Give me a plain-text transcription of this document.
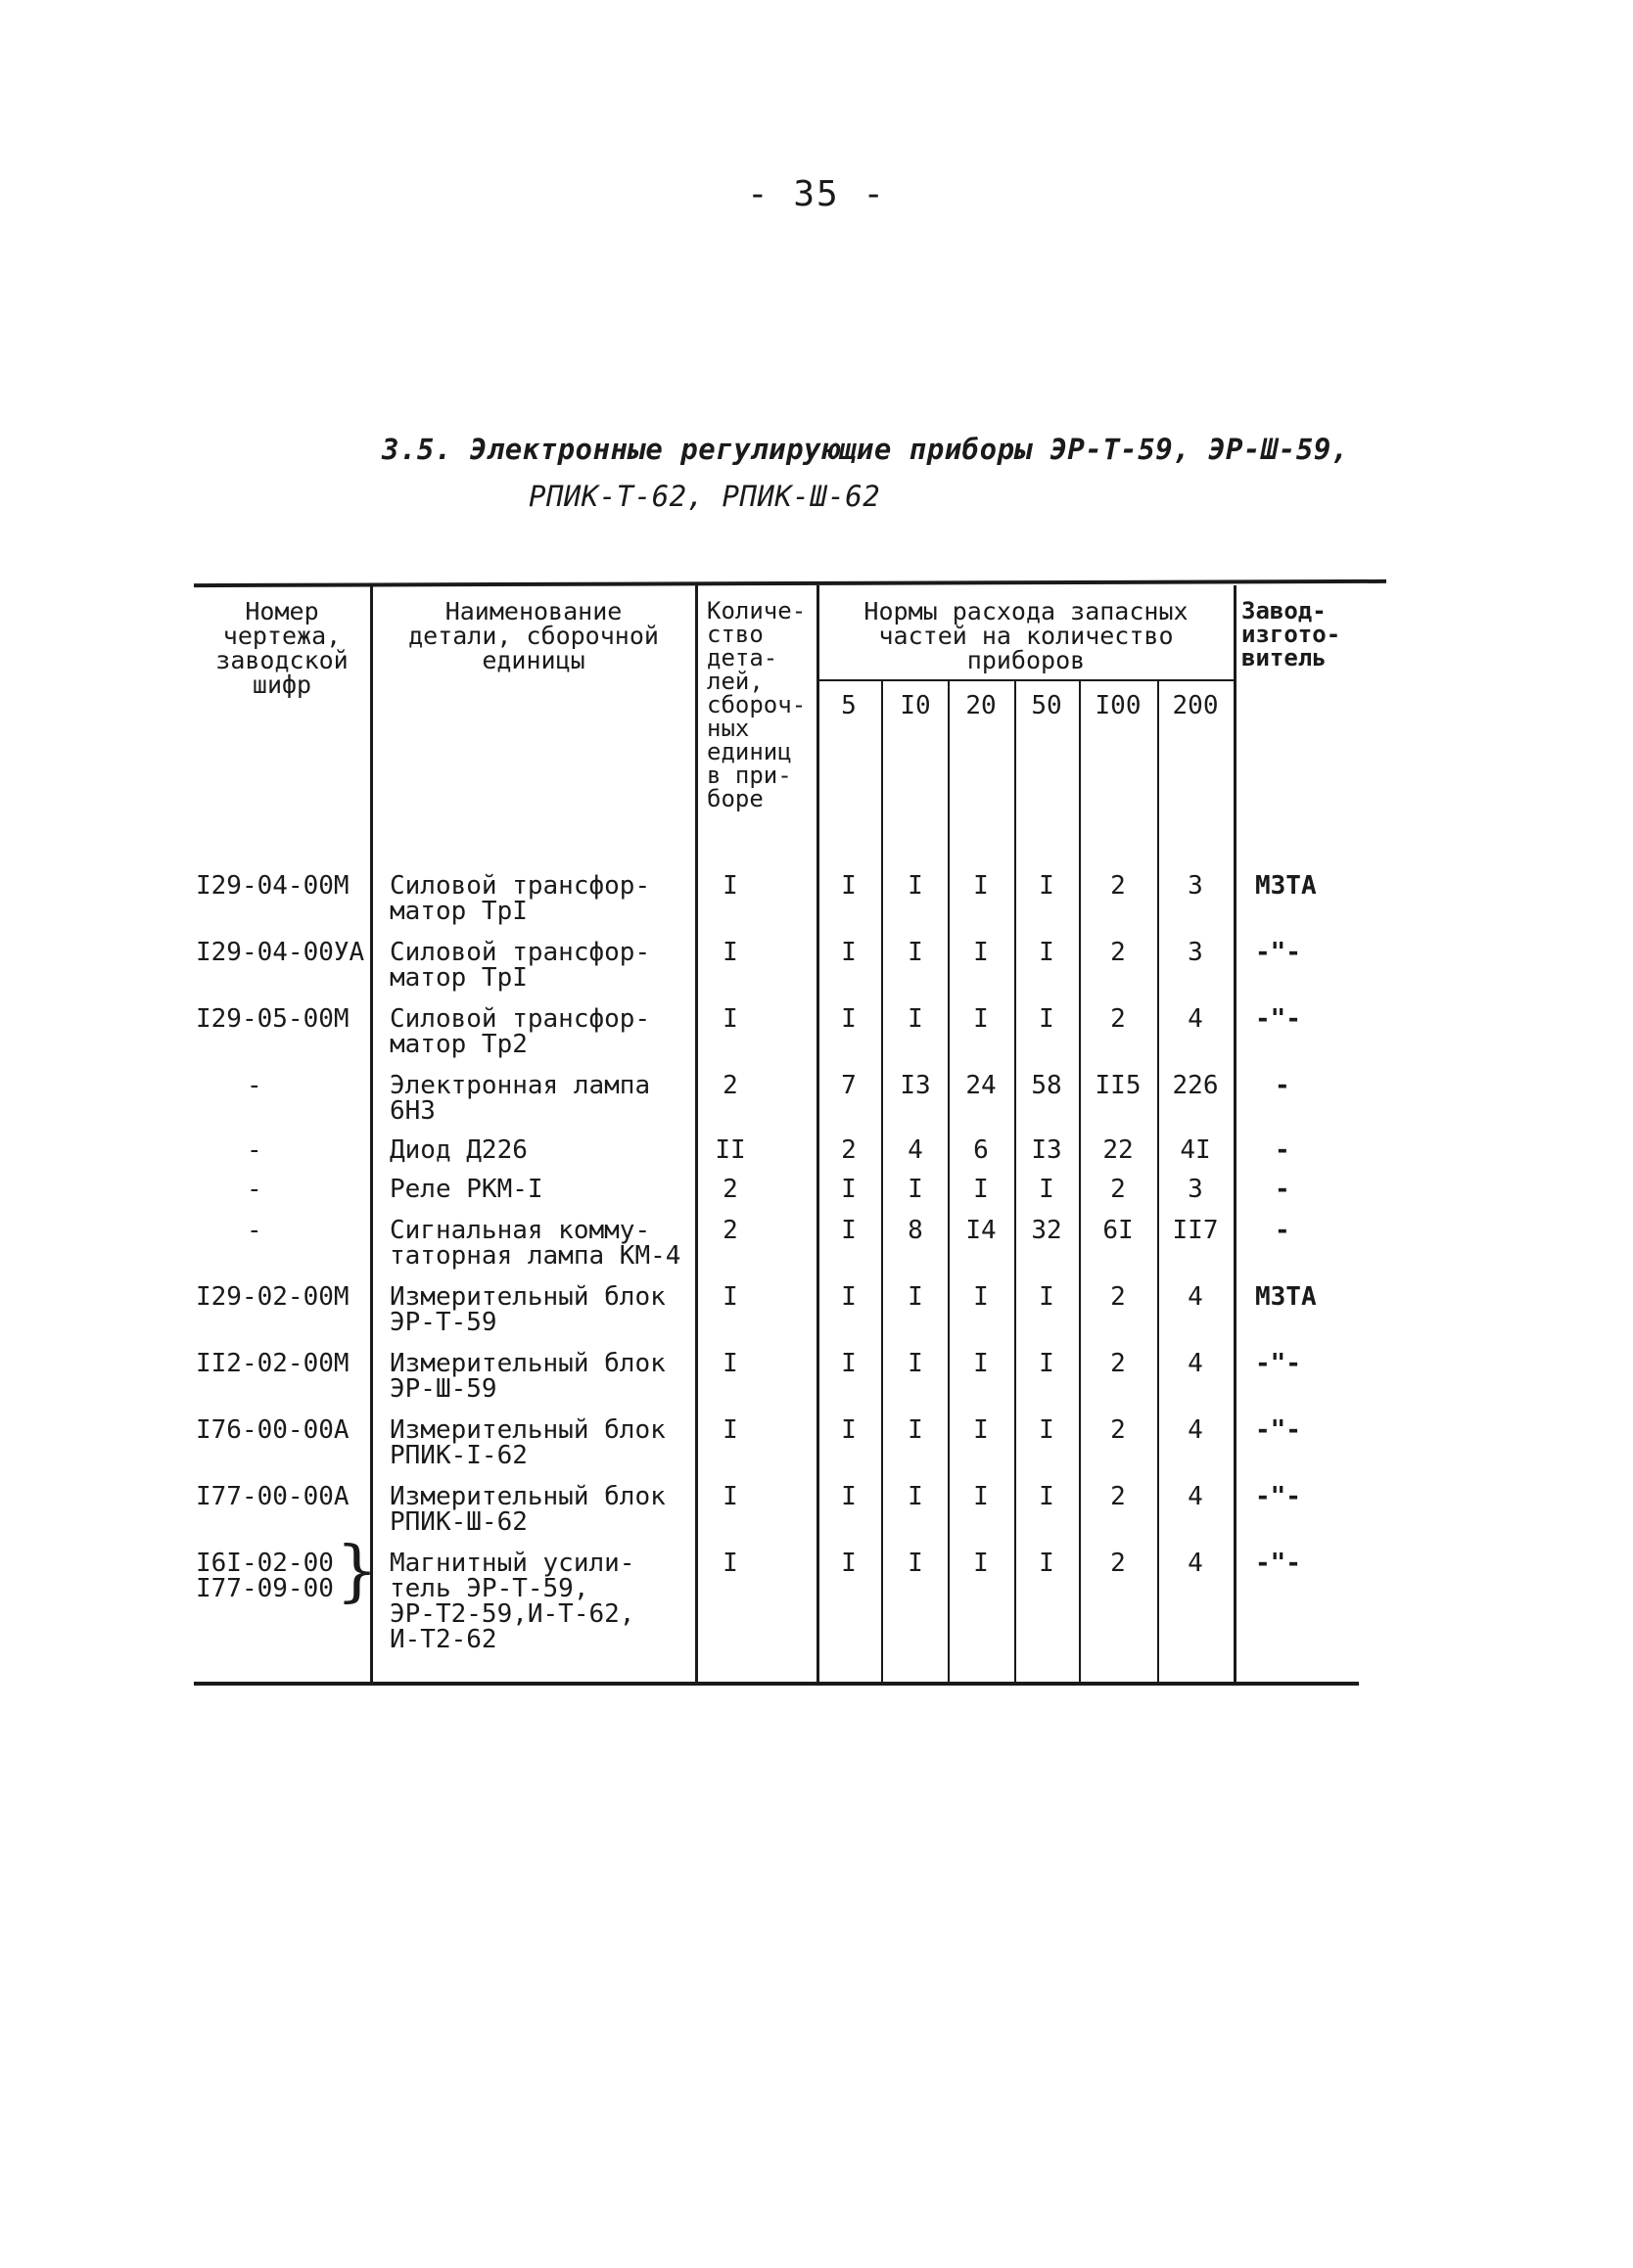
- 35 -
3.5. Электронные регулирующие приборы ЭР-Т-59, ЭР-Ш-59,
РПИК-Т-62, РПИК-Ш-62
Номер
чертежа,
заводской
шифр
Наименование
детали, сборочной
единицы
Количе-
ство
дета-
лей,
сбороч-
ных
единиц
в при-
боре
Нормы расхода запасных
частей на количество
приборов
Завод-
изгото-
витель
5	I0	20	50	I00 200
}
I29-04-00М Силовой трансфор-
матор ТрI
I	I	I	I	I	2	3	МЗТА
I29-04-00УА Силовой трансфор-
матор ТрI
I	I	I	I	I	2	3	-"-
I29-05-00М Силовой трансфор-
матор Тр2
I	I	I	I	I	2	4	-"-
-	Электронная лампа
6НЗ
2	7	I3	24	58	II5 226 -
-	Диод Д226	II	2	4	6	I3	22	4I	-
-	Реле РКМ-I	2	I	I	I	I	2	3	-
-	Сигнальная комму-
таторная лампа КМ-4
2	I	8	I4	32	6I	II7 -
I29-02-00М Измерительный блок
ЭР-Т-59
I	I	I	I	I	2	4	МЗТА
II2-02-00М Измерительный блок
ЭР-Ш-59
I	I	I	I	I	2	4	-"-
I76-00-00А Измерительный блок
РПИК-I-62
I	I	I	I	I	2	4	-"-
I77-00-00А Измерительный блок
РПИК-Ш-62
I	I	I	I	I	2	4	-"-
I6I-02-00
I77-09-00
Магнитный усили-
тель ЭР-Т-59,
ЭР-Т2-59,И-Т-62,
И-Т2-62
I	I	I	I	I	2	4	-"-
